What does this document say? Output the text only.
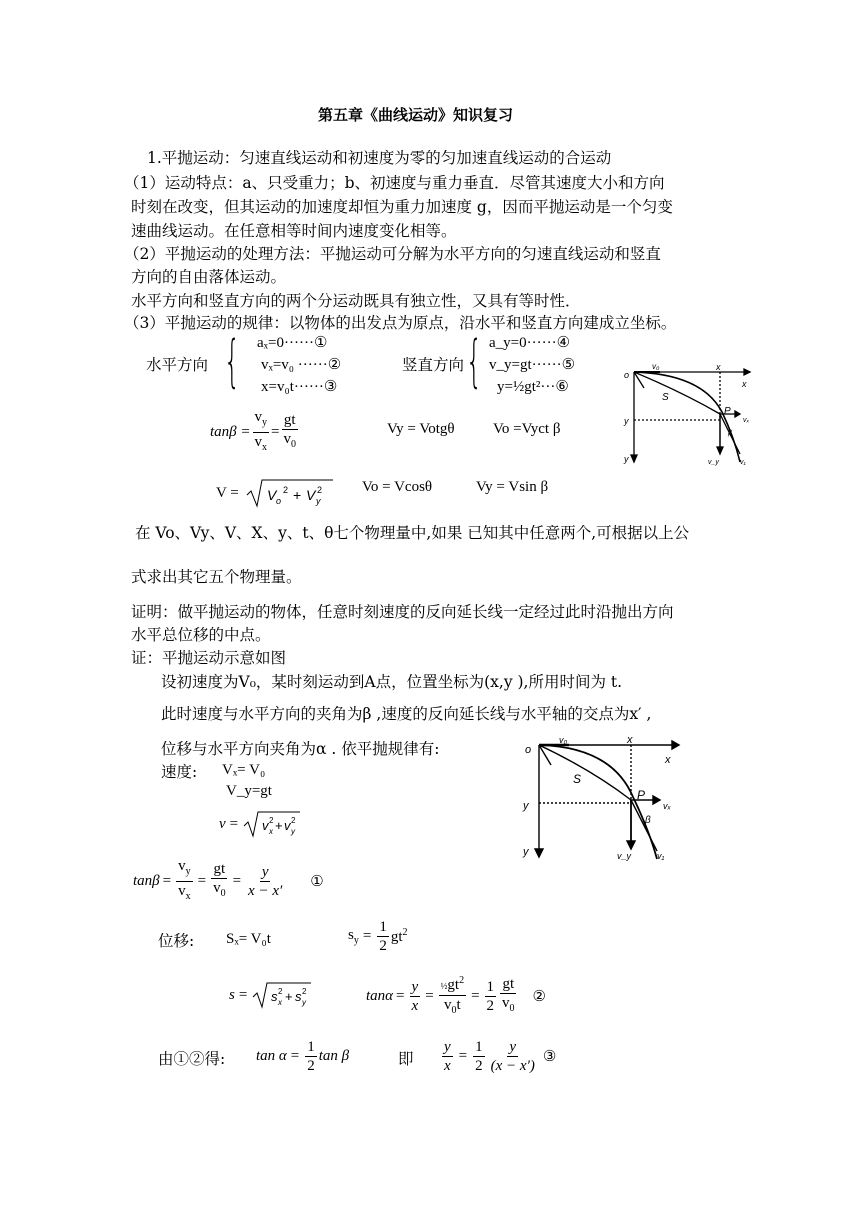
第五章《曲线运动》知识复习
1.平抛运动：匀速直线运动和初速度为零的匀加速直线运动的合运动
（1）运动特点：a、只受重力；b、初速度与重力垂直．尽管其速度大小和方向
时刻在改变，但其运动的加速度却恒为重力加速度 g，因而平抛运动是一个匀变
速曲线运动。在任意相等时间内速度变化相等。
（2）平抛运动的处理方法：平抛运动可分解为水平方向的匀速直线运动和竖直
方向的自由落体运动。
水平方向和竖直方向的两个分运动既具有独立性，又具有等时性．
（3）平抛运动的规律：以物体的出发点为原点，沿水平和竖直方向建成立坐标。
水平方向 { aₓ=0······①
vₓ=v₀ ······②
x=v₀t······③
竖直方向 { a_y=0······④
v_y=gt······⑤
y=½gt²···⑥
$\tan\beta = \frac{v_y}{v_x} = \frac{gt}{v_0}$	Vy = Votgθ	Vo =Vyct β
V = V o
2 + V y
2	Vo = Vcosθ	Vy = Vsin β
o
v₀	x
x
S
P
y
y
vₓ
β
v_y	v₁
在 Vo、Vy、V、X、y、t、θ七个物理量中,如果 已知其中任意两个,可根据以上公
式求出其它五个物理量。
证明：做平抛运动的物体，任意时刻速度的反向延长线一定经过此时沿抛出方向
水平总位移的中点。
证：平抛运动示意如图
设初速度为V₀，某时刻运动到A点，位置坐标为(x,y ),所用时间为 t.
此时速度与水平方向的夹角为β ,速度的反向延长线与水平轴的交点为x′ ,
位移与水平方向夹角为α . 依平抛规律有:
速度: Vₓ= V₀
V_y=gt
v = v x
2 + v y
2
o
v₀	x
x
S
P
y
y
vₓ
β
v_y	v₁
$\tan\beta = \frac{v_y}{v_x} = \frac{gt}{v_0} = \frac{y}{x - x'}$ ①
位移: Sₓ= V₀t	$s_y = \frac{1}{2} gt^2$
s = s x
2 + s y
2	$\tan\alpha = \frac{y}{x} = \frac{\frac{1}{2}gt^2}{v_0t} = \frac{1}{2} \frac{gt}{v_0}$ ②
由①②得: $\tan \alpha = \frac{1}{2}$ tan β	即 $\frac{y}{x} = \frac{1}{2} \frac{y}{(x - x')}$ ③
